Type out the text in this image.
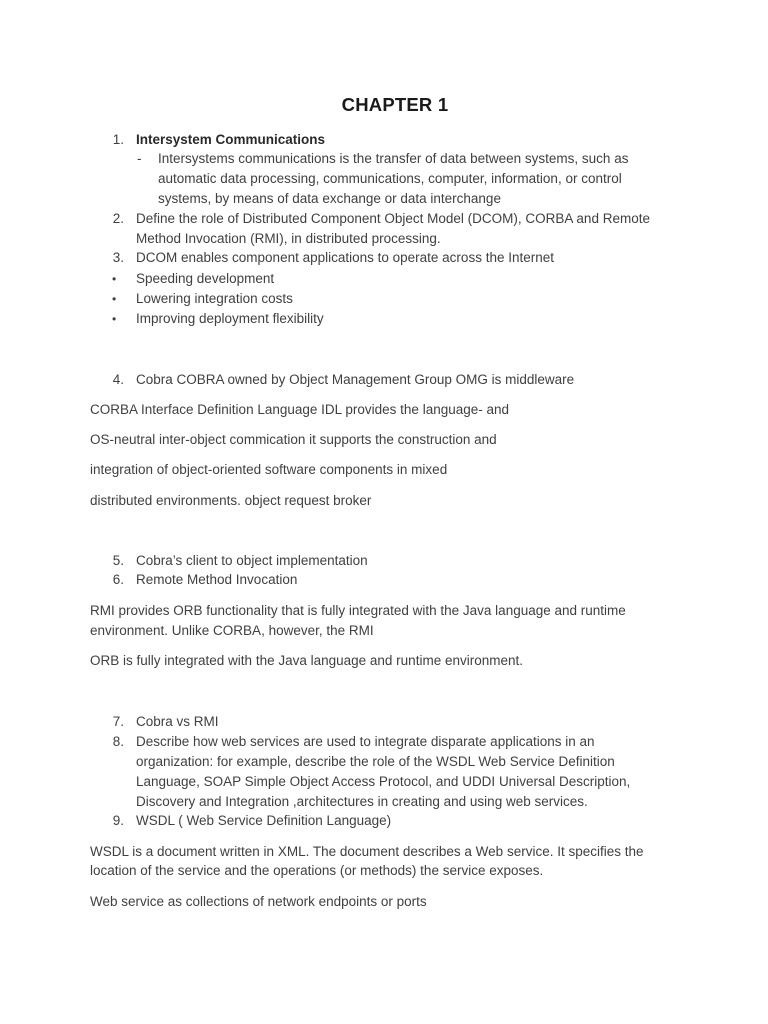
CHAPTER 1
1. Intersystem Communications
- Intersystems communications is the transfer of data between systems, such as
automatic data processing, communications, computer, information, or control
systems, by means of data exchange or data interchange
2. Define the role of Distributed Component Object Model (DCOM), CORBA and Remote
Method Invocation (RMI), in distributed processing.
3. DCOM enables component applications to operate across the Internet
• Speeding development
• Lowering integration costs
• Improving deployment flexibility
4. Cobra COBRA owned by Object Management Group OMG is middleware
CORBA Interface Definition Language IDL provides the language- and
OS-neutral inter-object commication it supports the construction and
integration of object-oriented software components in mixed
distributed environments. object request broker
5. Cobra’s client to object implementation
6. Remote Method Invocation
RMI provides ORB functionality that is fully integrated with the Java language and runtime
environment. Unlike CORBA, however, the RMI
ORB is fully integrated with the Java language and runtime environment.
7. Cobra vs RMI
8. Describe how web services are used to integrate disparate applications in an
organization: for example, describe the role of the WSDL Web Service Definition
Language, SOAP Simple Object Access Protocol, and UDDI Universal Description,
Discovery and Integration ,architectures in creating and using web services.
9. WSDL ( Web Service Definition Language)
WSDL is a document written in XML. The document describes a Web service. It specifies the
location of the service and the operations (or methods) the service exposes.
Web service as collections of network endpoints or ports
